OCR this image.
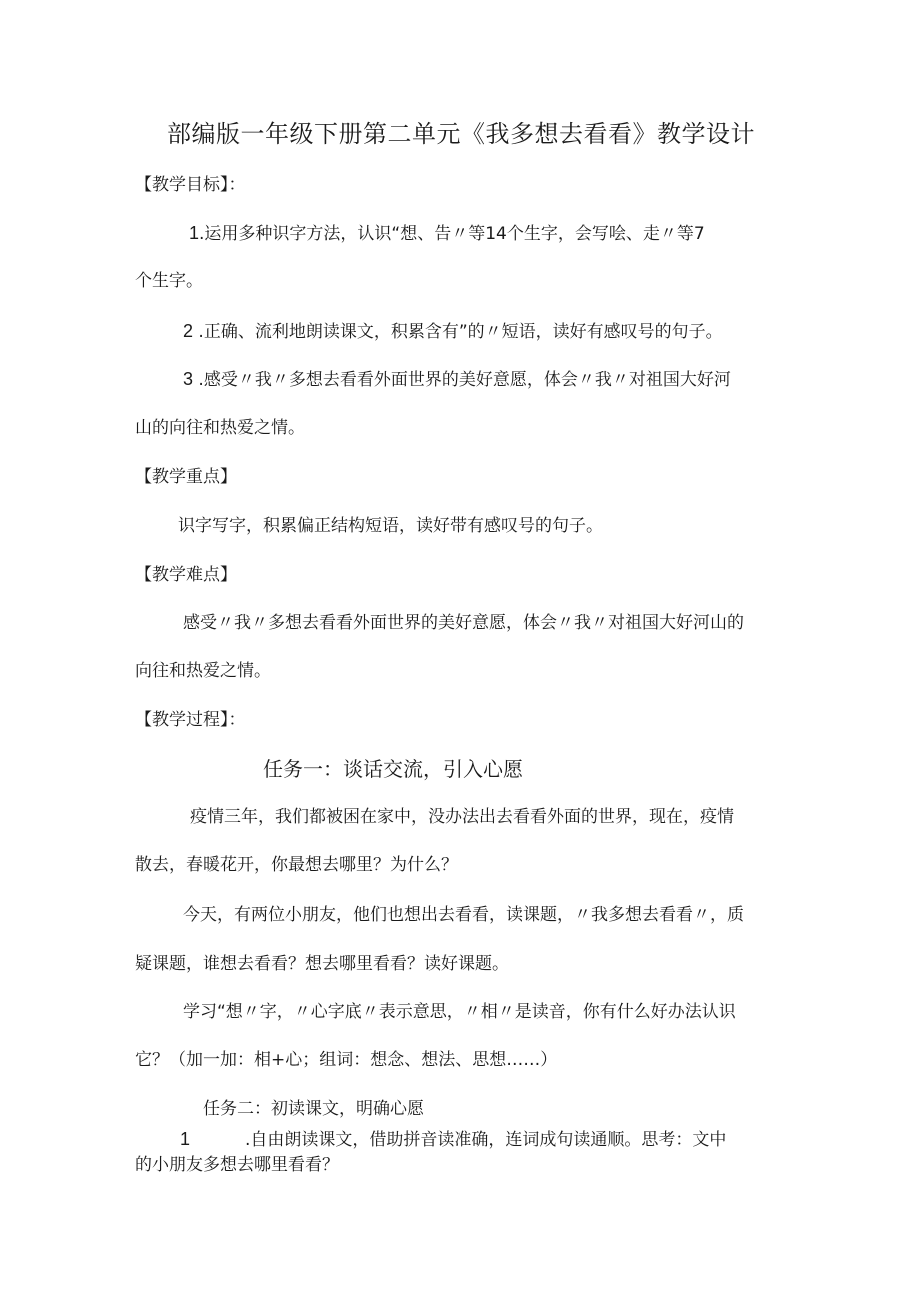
部编版一年级下册第二单元《我多想去看看》教学设计
【教学目标】：
1.运用多种识字方法，认识“想、告〃等14个生字，会写哙、走〃等7
个生字。
2 .正确、流利地朗读课文，积累含有”的〃短语，读好有感叹号的句子。
3 .感受〃我〃多想去看看外面世界的美好意愿，体会〃我〃对祖国大好河
山的向往和热爱之情。
【教学重点】
识字写字，积累偏正结构短语，读好带有感叹号的句子。
【教学难点】
感受〃我〃多想去看看外面世界的美好意愿，体会〃我〃对祖国大好河山的
向往和热爱之情。
【教学过程】：
任务一：谈话交流，引入心愿
疫情三年，我们都被困在家中，没办法出去看看外面的世界，现在，疫情
散去，春暖花开，你最想去哪里？为什么？
今天，有两位小朋友，他们也想出去看看，读课题，〃我多想去看看〃，质
疑课题，谁想去看看？想去哪里看看？读好课题。
学习“想〃字，〃心字底〃表示意思，〃相〃是读音，你有什么好办法认识
它？（加一加：相+心；组词：想念、想法、思想……）
任务二：初读课文，明确心愿
1	.自由朗读课文，借助拼音读准确，连词成句读通顺。思考：文中
的小朋友多想去哪里看看？
